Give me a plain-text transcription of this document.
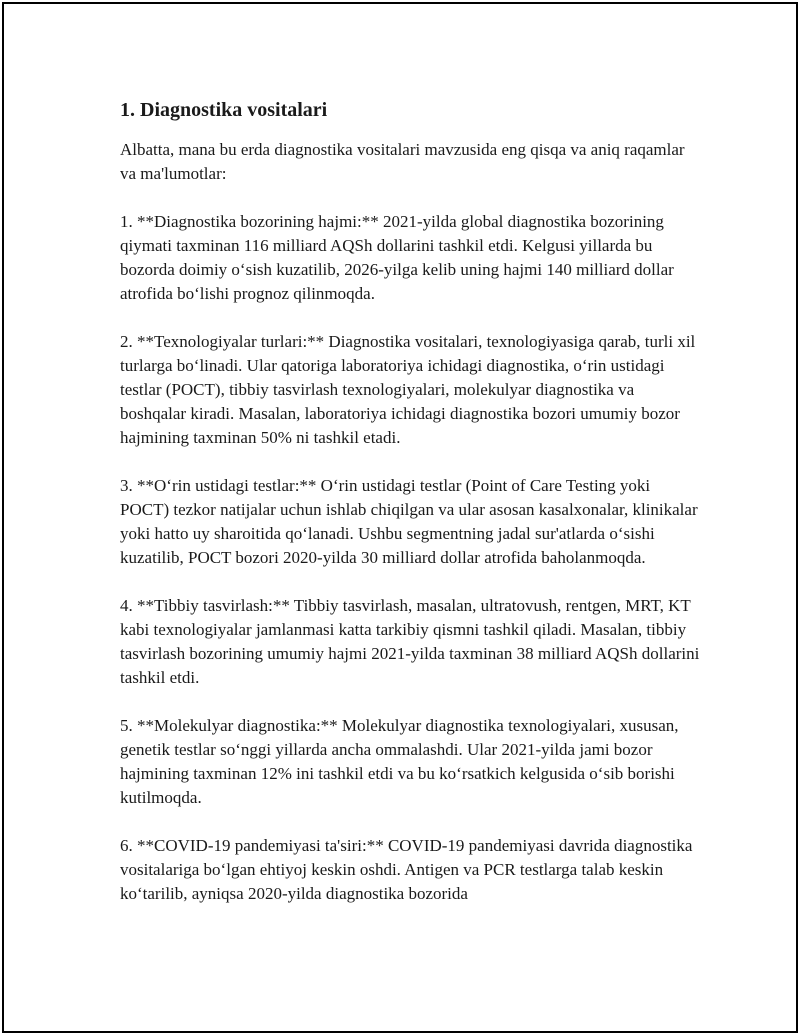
1. Diagnostika vositalari

Albatta, mana bu erda diagnostika vositalari mavzusida eng qisqa va aniq raqamlar va ma'lumotlar:

1. **Diagnostika bozorining hajmi:** 2021-yilda global diagnostika bozorining qiymati taxminan 116 milliard AQSh dollarini tashkil etdi. Kelgusi yillarda bu bozorda doimiy oʻsish kuzatilib, 2026-yilga kelib uning hajmi 140 milliard dollar atrofida boʻlishi prognoz qilinmoqda.

2. **Texnologiyalar turlari:** Diagnostika vositalari, texnologiyasiga qarab, turli xil turlarga boʻlinadi. Ular qatoriga laboratoriya ichidagi diagnostika, oʻrin ustidagi testlar (POCT), tibbiy tasvirlash texnologiyalari, molekulyar diagnostika va boshqalar kiradi. Masalan, laboratoriya ichidagi diagnostika bozori umumiy bozor hajmining taxminan 50% ni tashkil etadi.

3. **Oʻrin ustidagi testlar:** Oʻrin ustidagi testlar (Point of Care Testing yoki POCT) tezkor natijalar uchun ishlab chiqilgan va ular asosan kasalxonalar, klinikalar yoki hatto uy sharoitida qoʻlanadi. Ushbu segmentning jadal sur'atlarda oʻsishi kuzatilib, POCT bozori 2020-yilda 30 milliard dollar atrofida baholanmoqda.

4. **Tibbiy tasvirlash:** Tibbiy tasvirlash, masalan, ultratovush, rentgen, MRT, KT kabi texnologiyalar jamlanmasi katta tarkibiy qismni tashkil qiladi. Masalan, tibbiy tasvirlash bozorining umumiy hajmi 2021-yilda taxminan 38 milliard AQSh dollarini tashkil etdi.

5. **Molekulyar diagnostika:** Molekulyar diagnostika texnologiyalari, xususan, genetik testlar soʻnggi yillarda ancha ommalashdi. Ular 2021-yilda jami bozor hajmining taxminan 12% ini tashkil etdi va bu koʻrsatkich kelgusida oʻsib borishi kutilmoqda.

6. **COVID-19 pandemiyasi ta'siri:** COVID-19 pandemiyasi davrida diagnostika vositalariga boʻlgan ehtiyoj keskin oshdi. Antigen va PCR testlarga talab keskin koʻtarilib, ayniqsa 2020-yilda diagnostika bozorida
